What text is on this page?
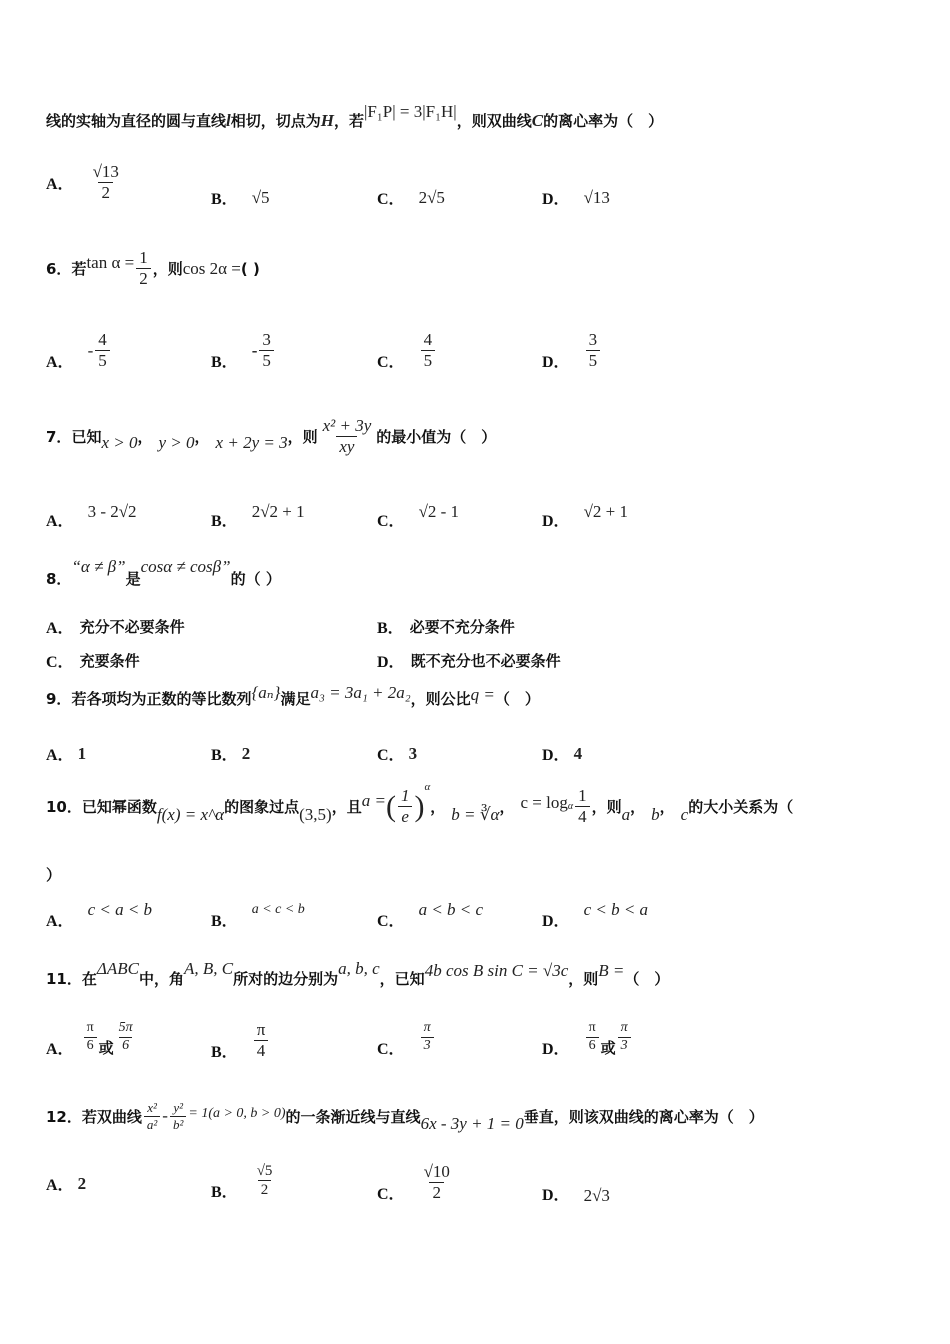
线的实轴为直径的圆与直线 l 相切，切点为 H ，若
|F₁P| = 3|F₁H|
，则双曲线 C 的离心率为（　）
A． $\frac{√13}{2}$	B． √5	C． 2√5	D． √13
6． 若 $\tan \alpha = \frac{1}{2}$ ，则 cos 2α = ( )
A．
- $\frac{4}{5}$	B．
- $\frac{3}{5}$	C． $\frac{4}{5}$	D． $\frac{3}{5}$
7． 已知 x > 0 ， y > 0 ， x + 2y = 3 ，则 $\frac{\text{x² + 3y}}{xy}$ 的最小值为（　）
A．
3 - 2√2
B．
2√2 + 1
C．
√2 - 1
D．
√2 + 1
8．
“α ≠ β”
是
cosα ≠ cosβ”
的（ ）
A． 充分不必要条件	B． 必要不充分条件
C． 充要条件	D． 既不充分也不必要条件
9． 若各项均为正数的等比数列 {aₙ} 满足 a₃ = 3a₁ + 2a₂ ，则公比 q = （　）
A． 1	B． 2	C． 3	D． 4
10． 已知幂函数 f(x) = x^α 的图象过点 (3,5) ，且 a = ( $\frac{1}{e}$ )
α
， b = ∛α ， c = log α $\frac{1}{4}$ ，则 a ， b ， c 的大小关系为（
）
A．
c < a < b
B．
a < c < b
C．
a < b < c
D．
c < b < a
11． 在
ΔABC
中，角
A, B, C
所对的边分别为
a, b, c
，已知 4b cos B sin C = √3c ，则 B = （　）
A． $\frac{\pi}{6}$ 或 $\frac{5\pi}{6}$	B． $\frac{\pi}{4}$	C． $\frac{\pi}{3}$	D． $\frac{\pi}{6}$ 或 $\frac{\pi}{3}$
12． 若双曲线 $\frac{\text{x²}}{\text{a²}} - \frac{\text{y²}}{\text{b²}} = 1(a > 0$, b > 0) 的一条渐近线与直线 6x - 3y + 1 = 0 垂直，则该双曲线的离心率为（　）
A． 2	B． $\frac{√5}{2}$	C． $\frac{√10}{2}$	D． 2√3
